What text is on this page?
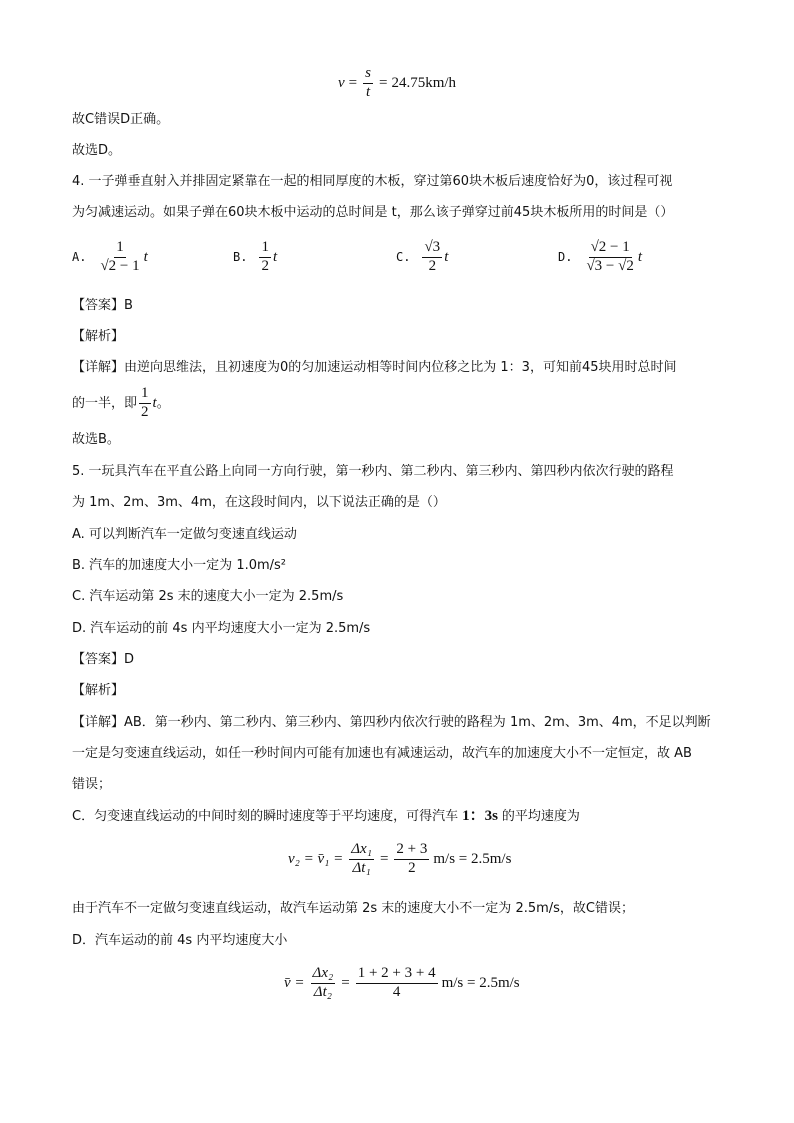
$v = \frac{s}{t} = 24.75km/h$
故C错误D正确。
故选D。
4. 一子弹垂直射入并排固定紧靠在一起的相同厚度的木板，穿过第60块木板后速度恰好为0，该过程可视
为匀减速运动。如果子弹在60块木板中运动的总时间是 t，那么该子弹穿过前45块木板所用的时间是（）
A. $\frac{1}{√2 - 1}$ t	B. $\frac{1}{2}$ t	C. $\frac{√3}{2}$ t	D. $\frac{√2 - 1}{√3 - √2}$ t
【答案】B
【解析】
【详解】由逆向思维法，且初速度为0的匀加速运动相等时间内位移之比为 1：3，可知前45块用时总时间
的一半，即 $\frac{1}{2}$ t 。
故选B。
5. 一玩具汽车在平直公路上向同一方向行驶，第一秒内、第二秒内、第三秒内、第四秒内依次行驶的路程
为 1m、2m、3m、4m，在这段时间内，以下说法正确的是（）
A. 可以判断汽车一定做匀变速直线运动
B. 汽车的加速度大小一定为 1.0m/s²
C. 汽车运动第 2s 末的速度大小一定为 2.5m/s
D. 汽车运动的前 4s 内平均速度大小一定为 2.5m/s
【答案】D
【解析】
【详解】AB．第一秒内、第二秒内、第三秒内、第四秒内依次行驶的路程为 1m、2m、3m、4m，不足以判断
一定是匀变速直线运动，如任一秒时间内可能有加速也有减速运动，故汽车的加速度大小不一定恒定，故 AB
错误；
C．匀变速直线运动的中间时刻的瞬时速度等于平均速度，可得汽车 1：3s 的平均速度为
v₂ = v̄₁ = $\frac{\text{Δx₁}}{\text{Δt₁}} = \frac{2 + 3}{2} m/s = 2.5m/s$
由于汽车不一定做匀变速直线运动，故汽车运动第 2s 末的速度大小不一定为 2.5m/s，故C错误；
D．汽车运动的前 4s 内平均速度大小
v̄ = $\frac{\text{Δx₂}}{\text{Δt₂}} = \frac{1 + 2 + 3 + 4}{4} m/s = 2.5m/s$
